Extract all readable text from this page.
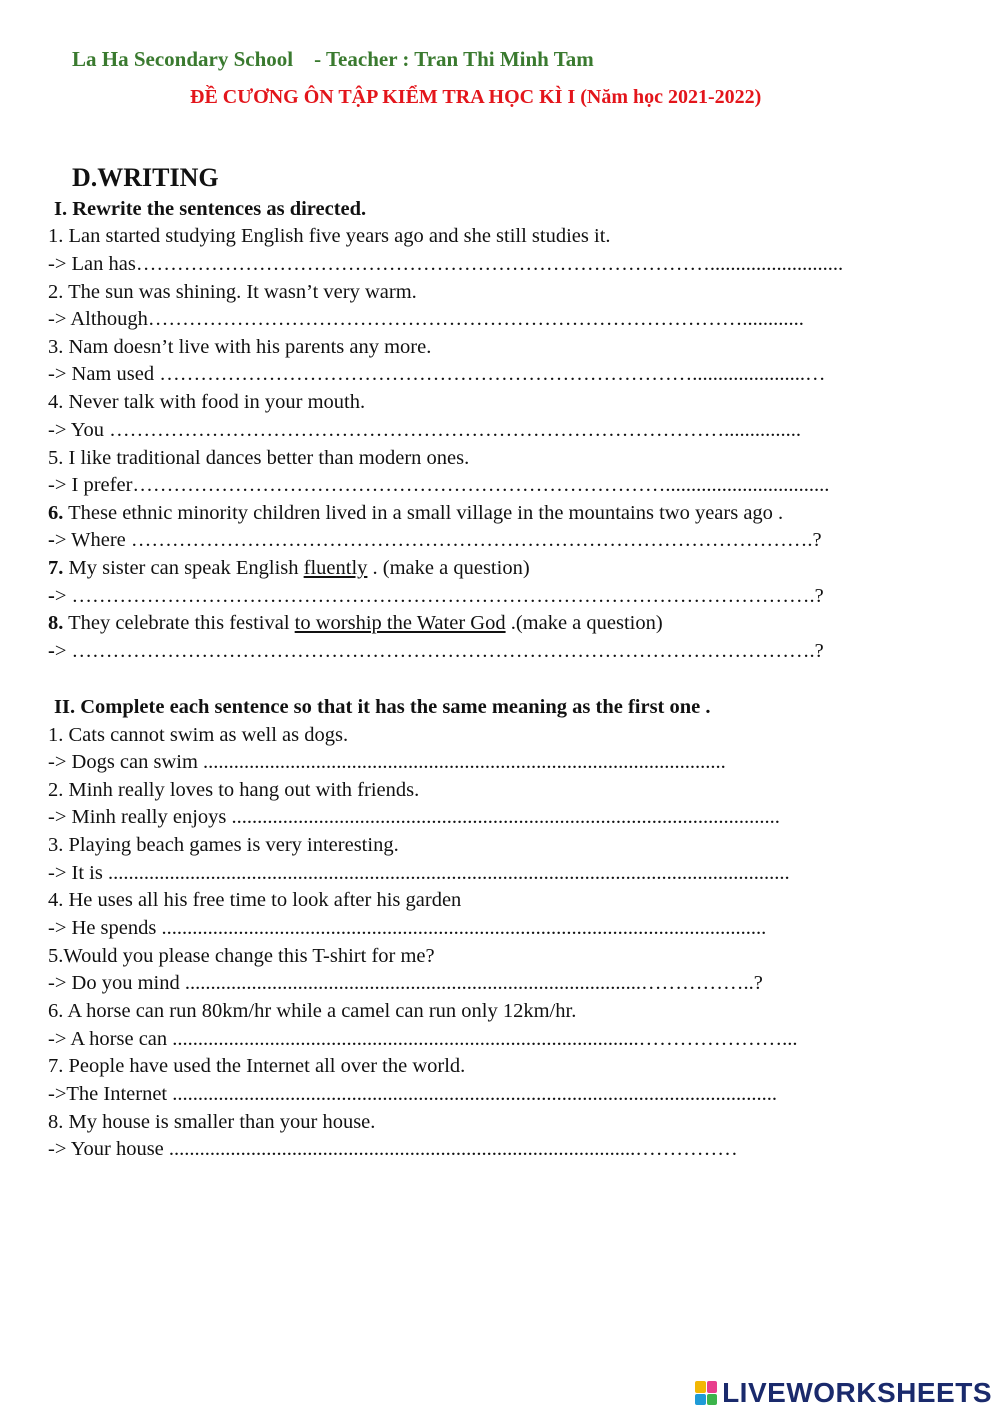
La Ha Secondary School    - Teacher : Tran Thi Minh Tam
ĐỀ CƯƠNG ÔN TẬP KIỂM TRA HỌC KÌ I (Năm học 2021-2022)
D.WRITING
I. Rewrite the sentences as directed.
1. Lan started studying English five years ago and she still studies it.
-> Lan has…………………………………………………………………………..........................
2. The sun was shining. It wasn’t very warm.
-> Although……………………………………………………………………………............
3. Nam doesn’t live with his parents any more.
-> Nam used ……………………………………………………………………......................…
4. Never talk with food in your mouth.
-> You ………………………………………………………………………………...............
5. I like traditional dances better than modern ones.
-> I prefer……………………………………………………………………................................
6. These ethnic minority children lived in a small village in the mountains two years ago .
-> Where ……………………………………………………………………………………….?
7. My sister can speak English fluently . (make a question)
-> ……………………………………………………………………………………………….?
8. They celebrate this festival to worship the Water God .(make a question)
-> ……………………………………………………………………………………………….?
II. Complete each sentence so that it has the same meaning as the first one .
1. Cats cannot swim as well as dogs.
-> Dogs can swim ......................................................................................................
2. Minh really loves to hang out with friends.
-> Minh really enjoys ...........................................................................................................
3. Playing beach games is very interesting.
-> It is .....................................................................................................................................
4. He uses all his free time to look after his garden
-> He spends ......................................................................................................................
5.Would you please change this T-shirt for me?
-> Do you mind .........................................................................................……………..?
6. A horse can run 80km/hr while a camel can run only 12km/hr.
-> A horse can ...........................................................................................…………………...
7. People have used the Internet all over the world.
->The Internet ......................................................................................................................
8. My house is smaller than your house.
-> Your house ...........................................................................................……………
LIVEWORKSHEETS
